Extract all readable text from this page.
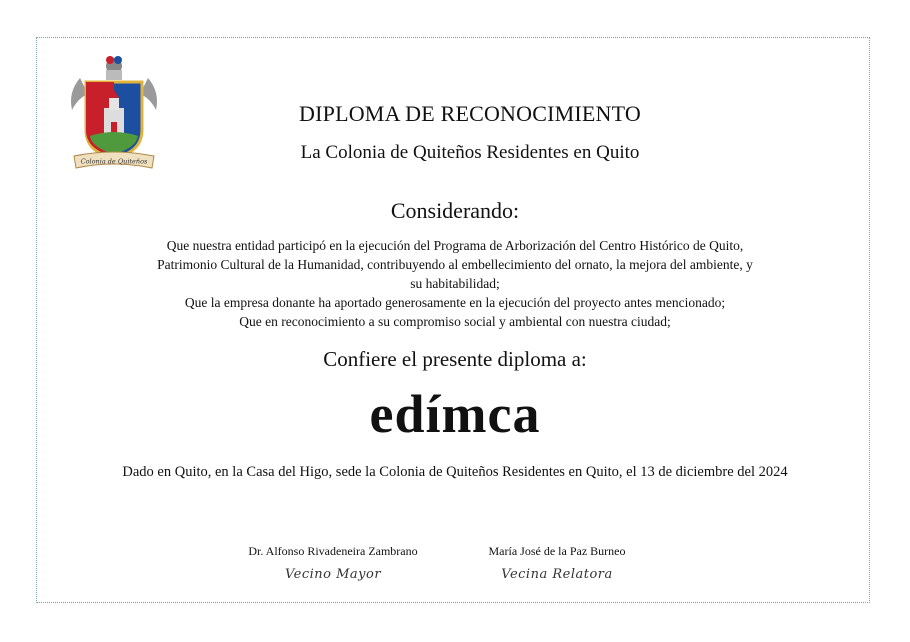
Colonia de Quiteños
DIPLOMA DE RECONOCIMIENTO
La Colonia de Quiteños Residentes en Quito
Considerando:
Que nuestra entidad participó en la ejecución del Programa de Arborización del Centro Histórico de Quito,
Patrimonio Cultural de la Humanidad, contribuyendo al embellecimiento del ornato, la mejora del ambiente, y
su habitabilidad;
Que la empresa donante ha aportado generosamente en la ejecución del proyecto antes mencionado;
Que en reconocimiento a su compromiso social y ambiental con nuestra ciudad;
Confiere el presente diploma a:
edímca
Dado en Quito, en la Casa del Higo, sede la Colonia de Quiteños Residentes en Quito, el 13 de diciembre del 2024
Dr. Alfonso Rivadeneira Zambrano
Vecino Mayor
María José de la Paz Burneo
Vecina Relatora
